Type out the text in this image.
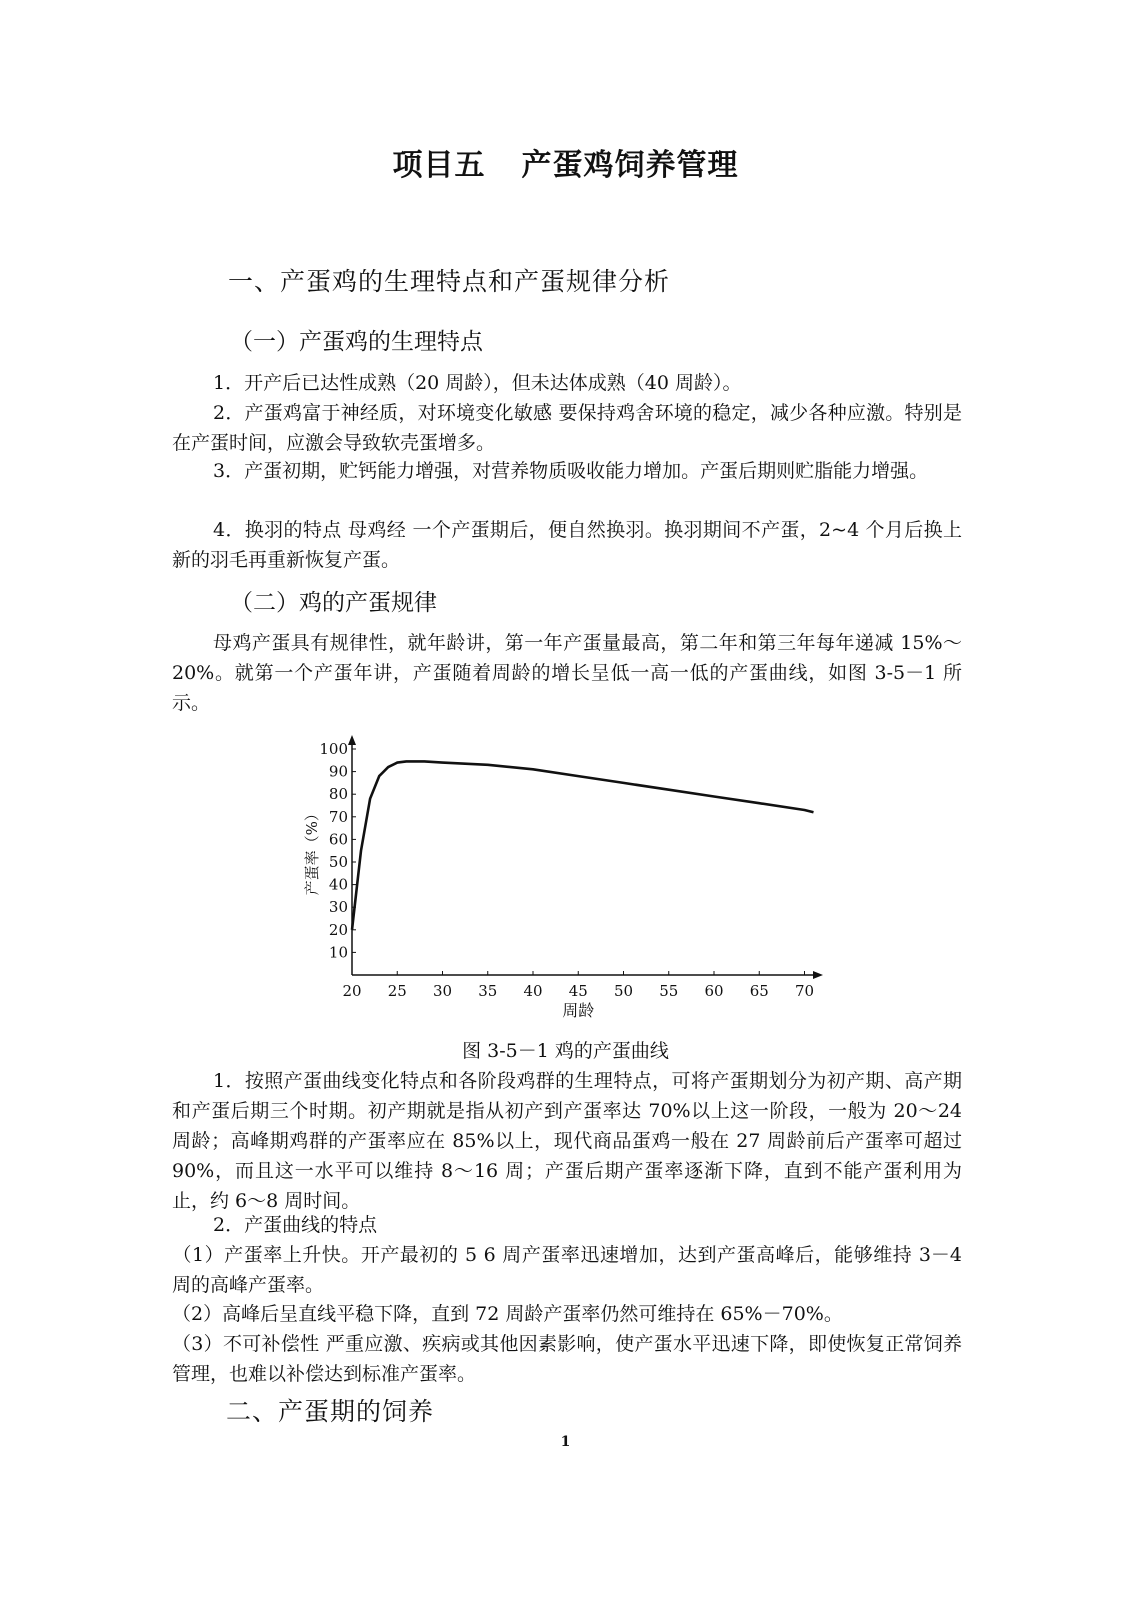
项目五 产蛋鸡饲养管理
一、产蛋鸡的生理特点和产蛋规律分析
（一）产蛋鸡的生理特点

1．开产后已达性成熟（20 周龄），但未达体成熟（40 周龄）。

2．产蛋鸡富于神经质，对环境变化敏感 要保持鸡舍环境的稳定，减少各种应激。特别是在产蛋时间，应激会导致软壳蛋增多。

3．产蛋初期，贮钙能力增强，对营养物质吸收能力增加。产蛋后期则贮脂能力增强。

4．换羽的特点 母鸡经 一个产蛋期后，便自然换羽。换羽期间不产蛋，2~4 个月后换上新的羽毛再重新恢复产蛋。

（二）鸡的产蛋规律

母鸡产蛋具有规律性，就年龄讲，第一年产蛋量最高，第二年和第三年每年递减 15%～20%。就第一个产蛋年讲，产蛋随着周龄的增长呈低一高一低的产蛋曲线，如图 3-5－1 所示。

20 25 30 35 40 45 50 55 60 65 70
10
20
30
40
50
60
70
80
90
100
周龄
产蛋率（%）
图 3-5－1 鸡的产蛋曲线

1．按照产蛋曲线变化特点和各阶段鸡群的生理特点，可将产蛋期划分为初产期、高产期和产蛋后期三个时期。初产期就是指从初产到产蛋率达 70%以上这一阶段，一般为 20～24 周龄；高峰期鸡群的产蛋率应在 85%以上，现代商品蛋鸡一般在 27 周龄前后产蛋率可超过 90%，而且这一水平可以维持 8～16 周；产蛋后期产蛋率逐渐下降，直到不能产蛋利用为止，约 6～8 周时间。

2．产蛋曲线的特点

（1）产蛋率上升快。开产最初的 5 6 周产蛋率迅速增加，达到产蛋高峰后，能够维持 3－4 周的高峰产蛋率。

（2）高峰后呈直线平稳下降，直到 72 周龄产蛋率仍然可维持在 65%－70%。

（3）不可补偿性 严重应激、疾病或其他因素影响，使产蛋水平迅速下降，即使恢复正常饲养管理，也难以补偿达到标准产蛋率。

二、产蛋期的饲养
1
